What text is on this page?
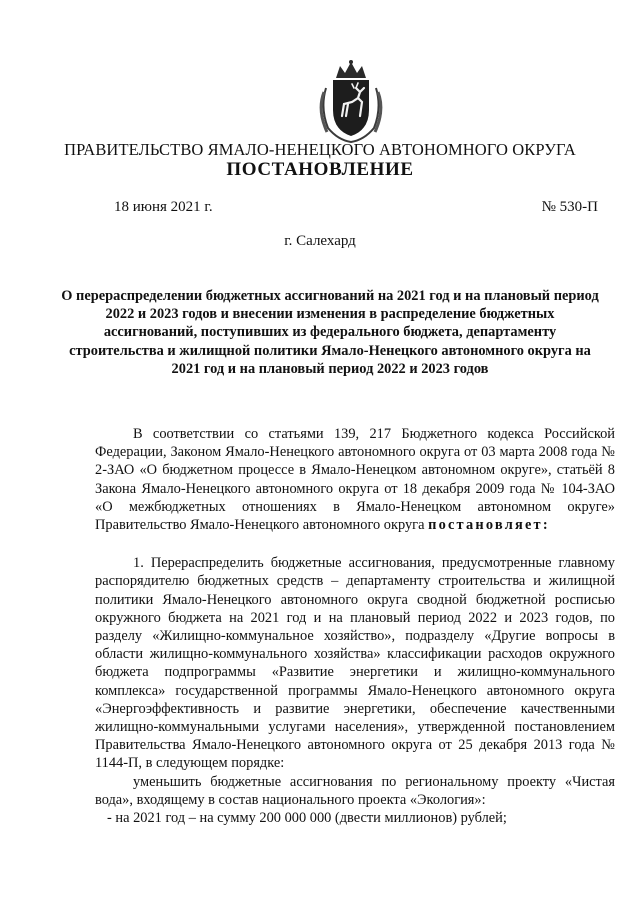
ПРАВИТЕЛЬСТВО ЯМАЛО-НЕНЕЦКОГО АВТОНОМНОГО ОКРУГА
ПОСТАНОВЛЕНИЕ
18 июня 2021 г.	№ 530-П
г. Салехард
О перераспределении бюджетных ассигнований на 2021 год и на плановый период 2022 и 2023 годов и внесении изменения в распределение бюджетных ассигнований, поступивших из федерального бюджета, департаменту строительства и жилищной политики Ямало-Ненецкого автономного округа на 2021 год и на плановый период 2022 и 2023 годов

В соответствии со статьями 139, 217 Бюджетного кодекса Российской Федерации, Законом Ямало-Ненецкого автономного округа от 03 марта 2008 года № 2-ЗАО «О бюджетном процессе в Ямало-Ненецком автономном округе», статьёй 8 Закона Ямало-Ненецкого автономного округа от 18 декабря 2009 года № 104-ЗАО «О межбюджетных отношениях в Ямало-Ненецком автономном округе» Правительство Ямало-Ненецкого автономного округа постановляет:

1. Перераспределить бюджетные ассигнования, предусмотренные главному распорядителю бюджетных средств – департаменту строительства и жилищной политики Ямало-Ненецкого автономного округа сводной бюджетной росписью окружного бюджета на 2021 год и на плановый период 2022 и 2023 годов, по разделу «Жилищно-коммунальное хозяйство», подразделу «Другие вопросы в области жилищно-коммунального хозяйства» классификации расходов окружного бюджета подпрограммы «Развитие энергетики и жилищно-коммунального комплекса» государственной программы Ямало-Ненецкого автономного округа «Энергоэффективность и развитие энергетики, обеспечение качественными жилищно-коммунальными услугами населения», утвержденной постановлением Правительства Ямало-Ненецкого автономного округа от 25 декабря 2013 года № 1144-П, в следующем порядке:

уменьшить бюджетные ассигнования по региональному проекту «Чистая вода», входящему в состав национального проекта «Экология»:

- на 2021 год – на сумму 200 000 000 (двести миллионов) рублей;
